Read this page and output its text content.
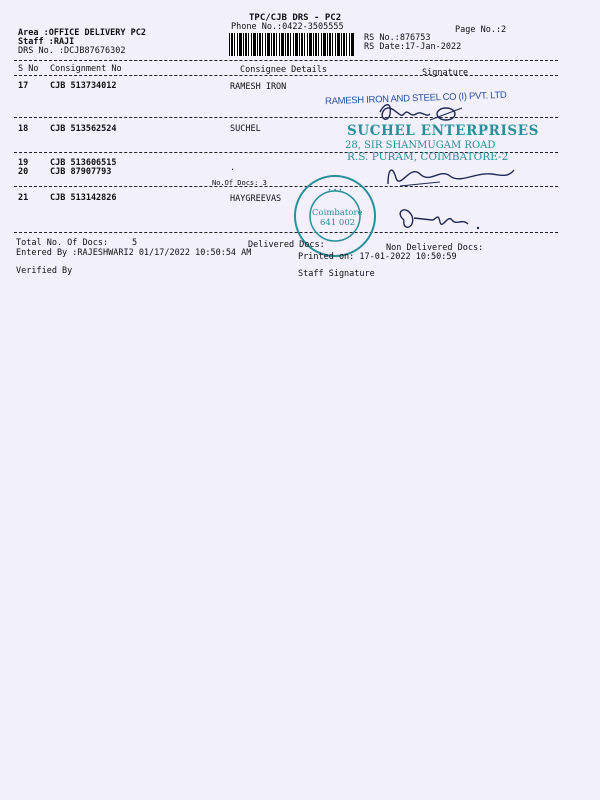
TPC/CJB DRS - PC2
Phone No.:0422-3505555	Page No.:2
Area :OFFICE DELIVERY PC2
Staff :RAJI
DRS No. :DCJB87676302
RS No.:876753
RS Date:17-Jan-2022
S No Consignment No	Consignee Details	Signature
17	CJB 513734012	RAMESH IRON
18	CJB 513562524	SUCHEL
19	CJB 513606515
20	CJB 87907793	.
No.Of Docs: 3
21	CJB 513142826	HAYGREEVAS
RAMESH IRON AND STEEL CO (I) PVT. LTD
SUCHEL ENTERPRISES
28, SIR SHANMUGAM ROAD
R.S. PURAM, COIMBATORE-2
• • •
Coimbatore
641 002
Total No. Of Docs:	5	Delivered Docs:	Non Delivered Docs:
Entered By :RAJESHWARI2 01/17/2022 10:50:54 AM	Printed on: 17-01-2022 10:50:59
Verified By	Staff Signature
